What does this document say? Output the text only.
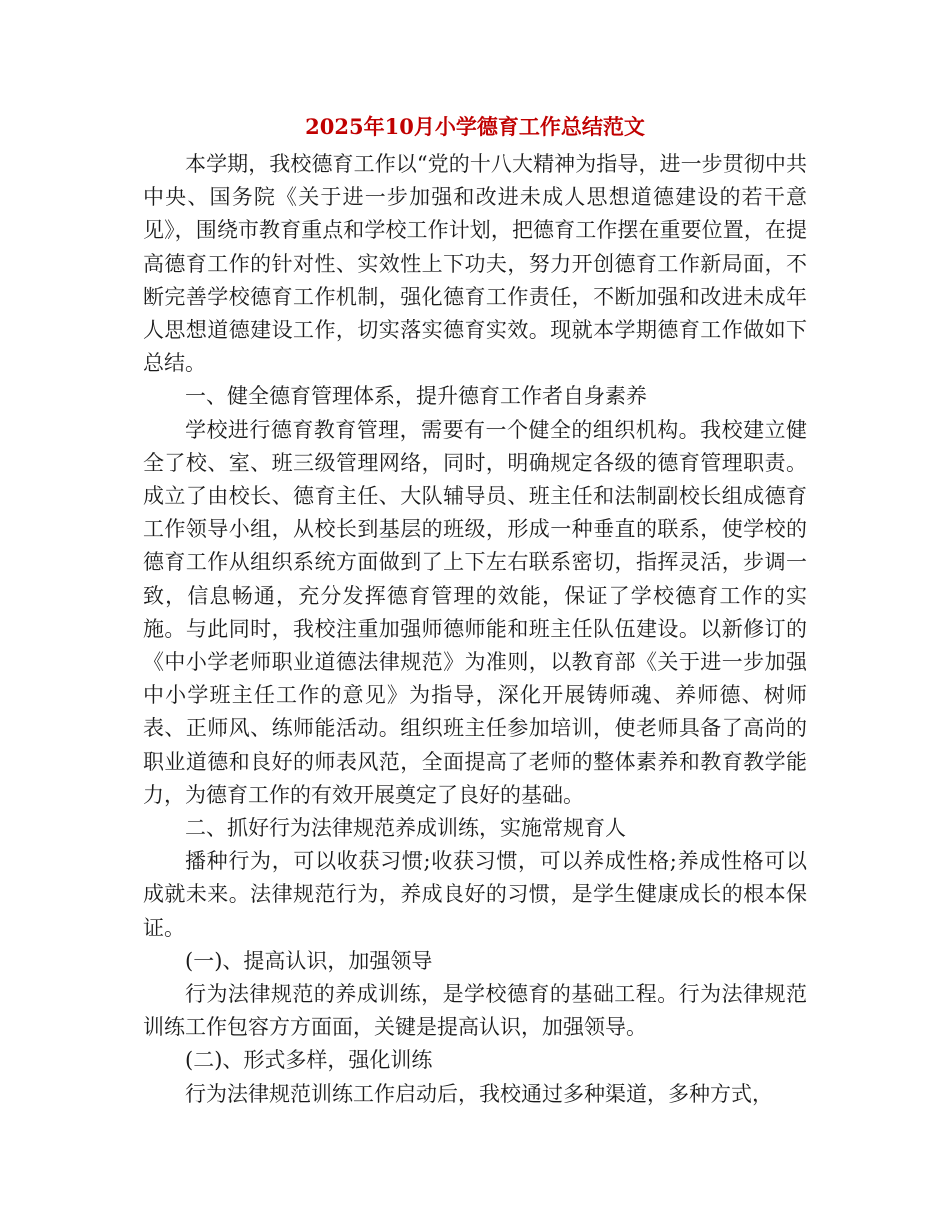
2025年10月小学德育工作总结范文

本学期，我校德育工作以“党的十八大精神为指导，进一步贯彻中共中央、国务院《关于进一步加强和改进未成人思想道德建设的若干意见》，围绕市教育重点和学校工作计划，把德育工作摆在重要位置，在提高德育工作的针对性、实效性上下功夫，努力开创德育工作新局面，不断完善学校德育工作机制，强化德育工作责任，不断加强和改进未成年人思想道德建设工作，切实落实德育实效。现就本学期德育工作做如下总结。

一、健全德育管理体系，提升德育工作者自身素养

学校进行德育教育管理，需要有一个健全的组织机构。我校建立健全了校、室、班三级管理网络，同时，明确规定各级的德育管理职责。成立了由校长、德育主任、大队辅导员、班主任和法制副校长组成德育工作领导小组，从校长到基层的班级，形成一种垂直的联系，使学校的德育工作从组织系统方面做到了上下左右联系密切，指挥灵活，步调一致，信息畅通，充分发挥德育管理的效能，保证了学校德育工作的实施。与此同时，我校注重加强师德师能和班主任队伍建设。以新修订的《中小学老师职业道德法律规范》为准则，以教育部《关于进一步加强中小学班主任工作的意见》为指导，深化开展铸师魂、养师德、树师表、正师风、练师能活动。组织班主任参加培训，使老师具备了高尚的职业道德和良好的师表风范，全面提高了老师的整体素养和教育教学能力，为德育工作的有效开展奠定了良好的基础。

二、抓好行为法律规范养成训练，实施常规育人

播种行为，可以收获习惯;收获习惯，可以养成性格;养成性格可以成就未来。法律规范行为，养成良好的习惯，是学生健康成长的根本保证。

(一)、提高认识，加强领导

行为法律规范的养成训练，是学校德育的基础工程。行为法律规范训练工作包容方方面面，关键是提高认识，加强领导。

(二)、形式多样，强化训练

行为法律规范训练工作启动后，我校通过多种渠道，多种方式，
